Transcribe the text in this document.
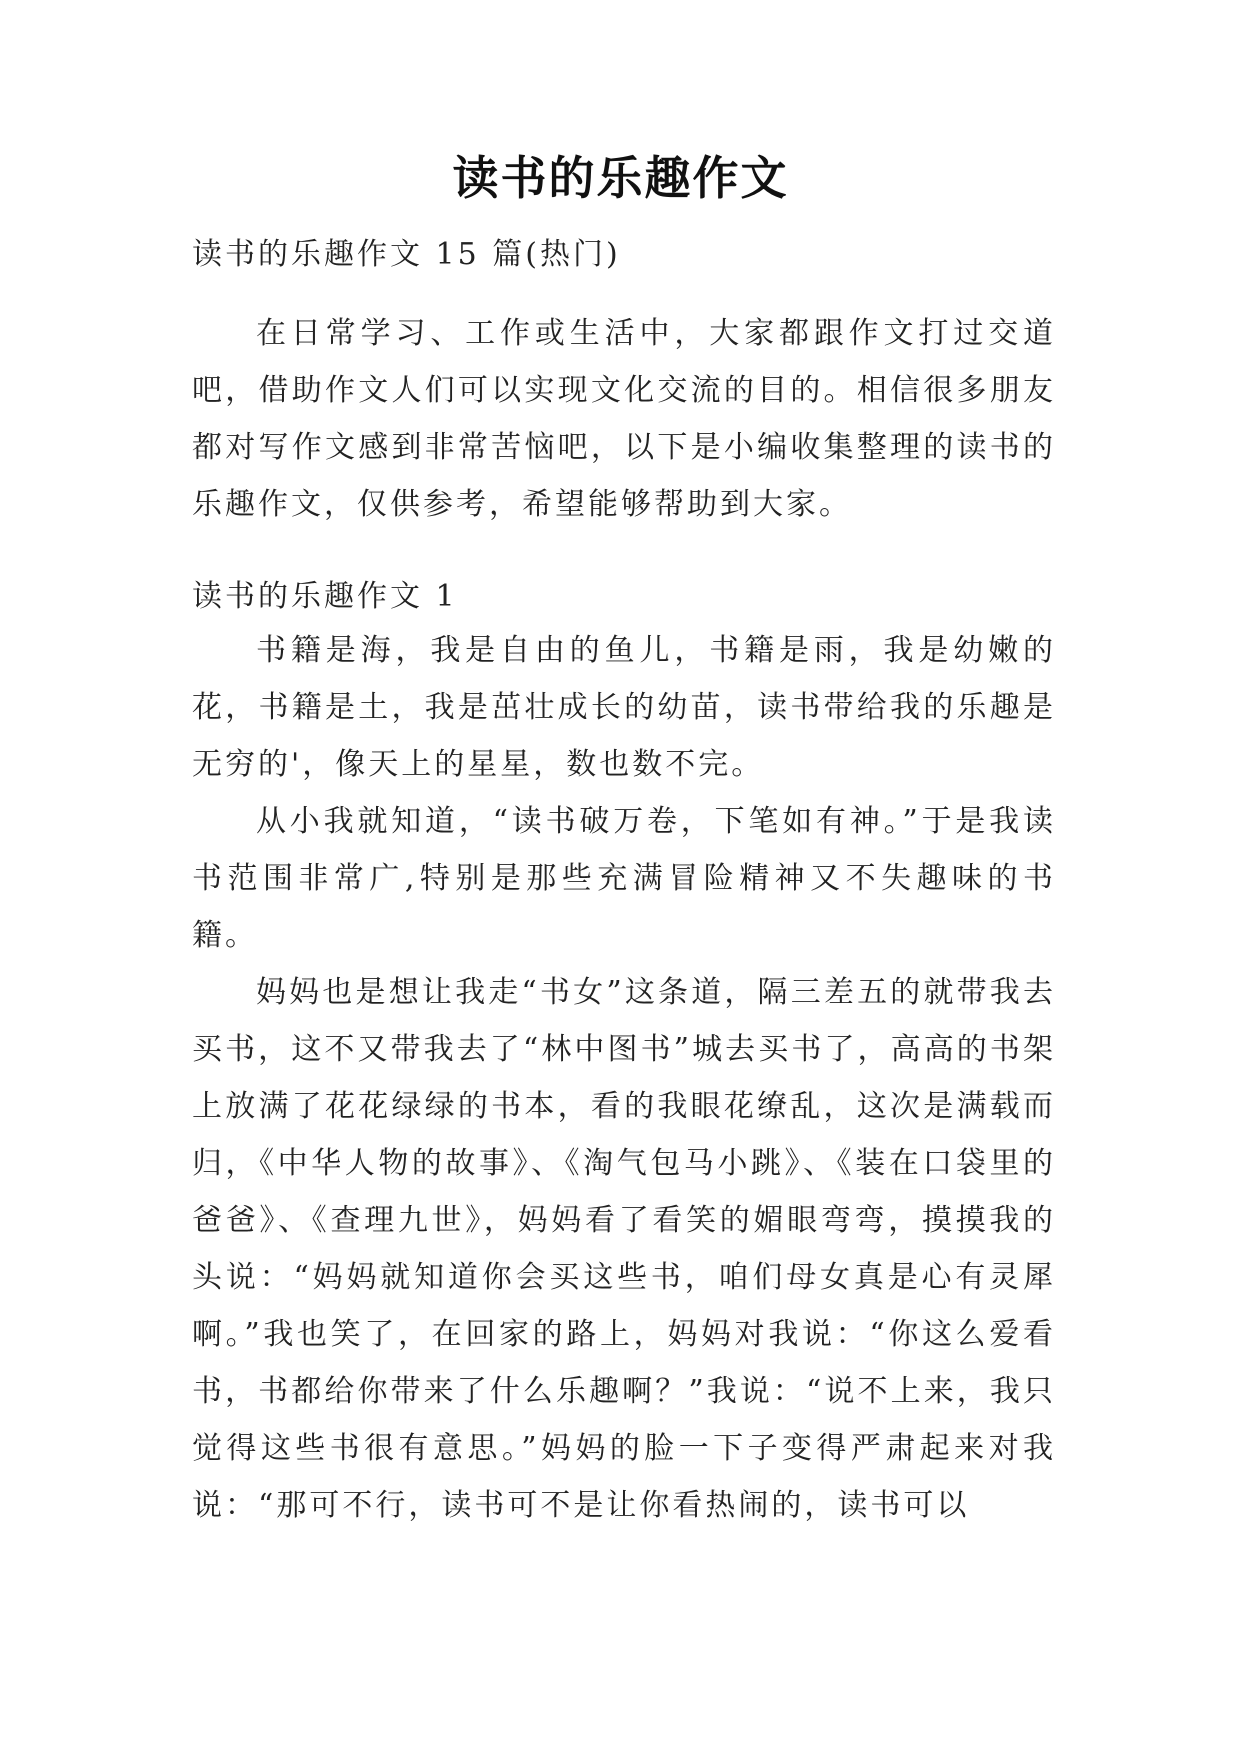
读书的乐趣作文
读书的乐趣作文 15 篇(热门)

在日常学习、工作或生活中，大家都跟作文打过交道吧，借助作文人们可以实现文化交流的目的。相信很多朋友都对写作文感到非常苦恼吧，以下是小编收集整理的读书的乐趣作文，仅供参考，希望能够帮助到大家。

读书的乐趣作文 1

书籍是海，我是自由的鱼儿，书籍是雨，我是幼嫩的花，书籍是土，我是茁壮成长的幼苗，读书带给我的乐趣是无穷的'，像天上的星星，数也数不完。

从小我就知道，“读书破万卷，下笔如有神。”于是我读书范围非常广,特别是那些充满冒险精神又不失趣味的书籍。

妈妈也是想让我走“书女”这条道，隔三差五的就带我去买书，这不又带我去了“林中图书”城去买书了，高高的书架上放满了花花绿绿的书本，看的我眼花缭乱，这次是满载而归，《中华人物的故事》、《淘气包马小跳》、《装在口袋里的爸爸》、《查理九世》，妈妈看了看笑的媚眼弯弯，摸摸我的头说：“妈妈就知道你会买这些书，咱们母女真是心有灵犀啊。”我也笑了，在回家的路上，妈妈对我说：“你这么爱看书，书都给你带来了什么乐趣啊？”我说：“说不上来，我只觉得这些书很有意思。”妈妈的脸一下子变得严肃起来对我说：“那可不行，读书可不是让你看热闹的，读书可以
